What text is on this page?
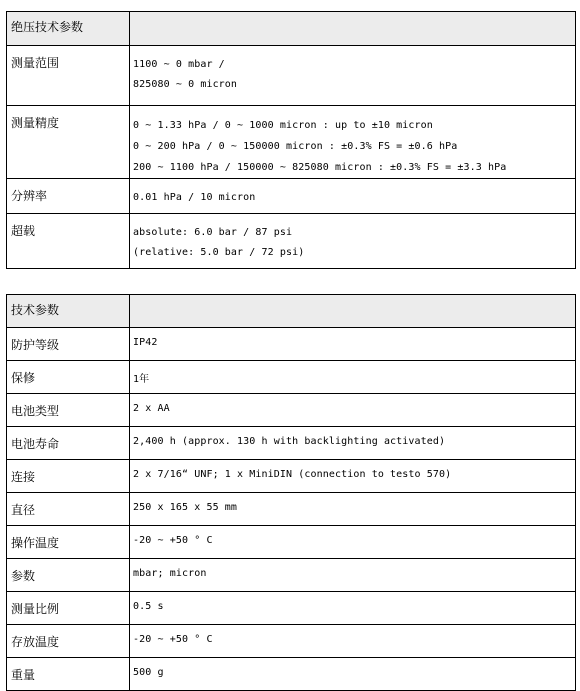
绝压技术参数	
测量范围	1100 ~ 0 mbar /
825080 ~ 0 micron

测量精度	0 ~ 1.33 hPa / 0 ~ 1000 micron : up to ±10 micron
0 ~ 200 hPa / 0 ~ 150000 micron : ±0.3% FS = ±0.6 hPa
200 ~ 1100 hPa / 150000 ~ 825080 micron : ±0.3% FS = ±3.3 hPa

分辨率	0.01 hPa / 10 micron

超载	absolute: 6.0 bar / 87 psi
(relative: 5.0 bar / 72 psi)
技术参数	
防护等级	IP42
保修	1年
电池类型	2 x AA
电池寿命	2,400 h (approx. 130 h with backlighting activated)
连接	2 x 7/16“ UNF; 1 x MiniDIN (connection to testo 570)
直径	250 x 165 x 55 mm
操作温度	-20 ~ +50 ° C
参数	mbar; micron
测量比例	0.5 s
存放温度	-20 ~ +50 ° C
重量	500 g
